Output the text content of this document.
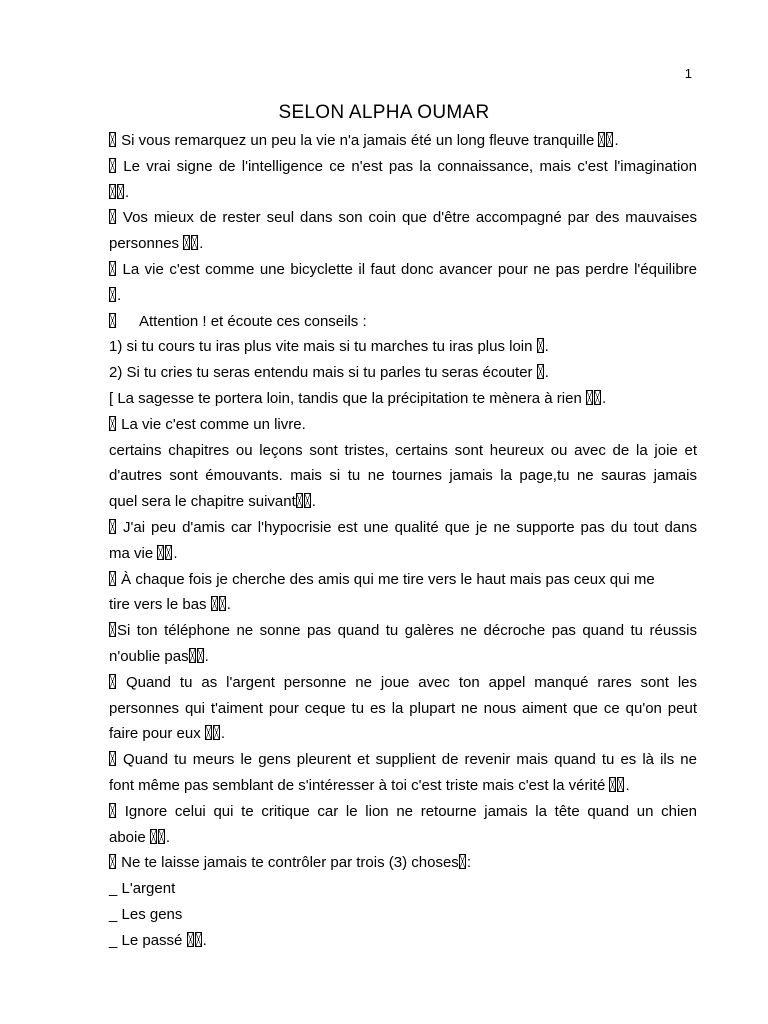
1
SELON ALPHA OUMAR
Si vous remarquez un peu la vie n'a jamais été un long fleuve tranquille .
Le vrai signe de l'intelligence ce n'est pas la connaissance, mais c'est l'imagination
.
Vos mieux de rester seul dans son coin que d'être accompagné par des mauvaises
personnes .
La vie c'est comme une bicyclette il faut donc avancer pour ne pas perdre l'équilibre
.
Attention ! et écoute ces conseils :
1) si tu cours tu iras plus vite mais si tu marches tu iras plus loin .
2) Si tu cries tu seras entendu mais si tu parles tu seras écouter .
[ La sagesse te portera loin, tandis que la précipitation te mènera à rien .
La vie c'est comme un livre.
certains chapitres ou leçons sont tristes, certains sont heureux ou avec de la joie et
d'autres sont émouvants. mais si tu ne tournes jamais la page,tu ne sauras jamais
quel sera le chapitre suivant .
J'ai peu d'amis car l'hypocrisie est une qualité que je ne supporte pas du tout dans
ma vie .
À chaque fois je cherche des amis qui me tire vers le haut mais pas ceux qui me
tire vers le bas .
Si ton téléphone ne sonne pas quand tu galères ne décroche pas quand tu réussis
n'oublie pas .
Quand tu as l'argent personne ne joue avec ton appel manqué rares sont les
personnes qui t'aiment pour ceque tu es la plupart ne nous aiment que ce qu'on peut
faire pour eux .
Quand tu meurs le gens pleurent et supplient de revenir mais quand tu es là ils ne
font même pas semblant de s'intéresser à toi c'est triste mais c'est la vérité .
Ignore celui qui te critique car le lion ne retourne jamais la tête quand un chien
aboie .
Ne te laisse jamais te contrôler par trois (3) choses :
_ L'argent
_ Les gens
_ Le passé .
